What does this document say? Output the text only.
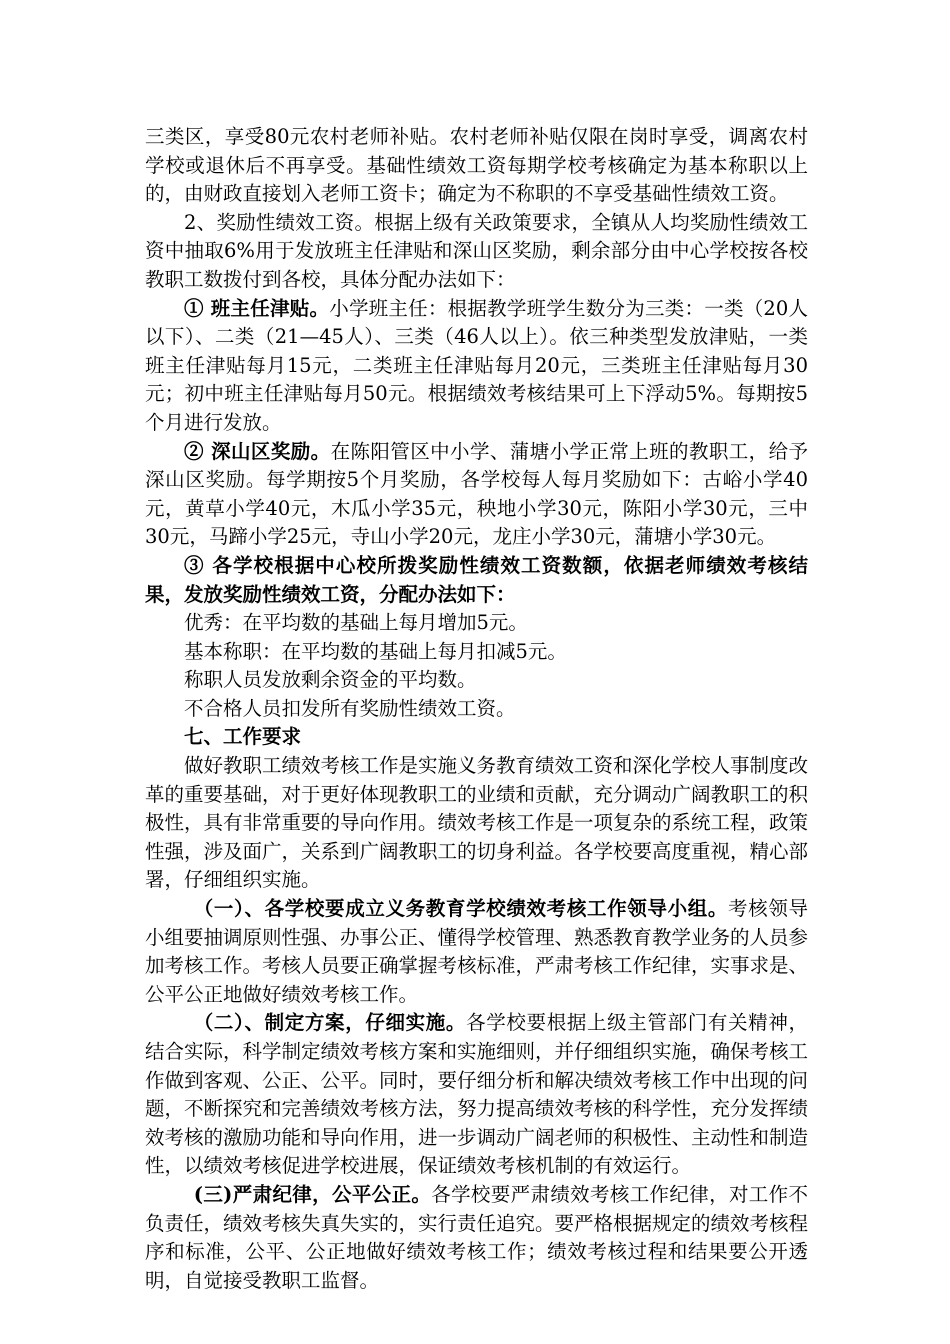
三类区，享受80元农村老师补贴。农村老师补贴仅限在岗时享受，调离农村学校或退休后不再享受。基础性绩效工资每期学校考核确定为基本称职以上的，由财政直接划入老师工资卡；确定为不称职的不享受基础性绩效工资。

2、奖励性绩效工资。根据上级有关政策要求，全镇从人均奖励性绩效工资中抽取6%用于发放班主任津贴和深山区奖励，剩余部分由中心学校按各校教职工数拨付到各校，具体分配办法如下：

① 班主任津贴。小学班主任：根据教学班学生数分为三类：一类（20人以下）、二类（21—45人）、三类（46人以上）。依三种类型发放津贴，一类班主任津贴每月15元，二类班主任津贴每月20元，三类班主任津贴每月30元；初中班主任津贴每月50元。根据绩效考核结果可上下浮动5%。每期按5个月进行发放。

② 深山区奖励。在陈阳管区中小学、蒲塘小学正常上班的教职工，给予深山区奖励。每学期按5个月奖励，各学校每人每月奖励如下：古峪小学40元，黄草小学40元，木瓜小学35元，秧地小学30元，陈阳小学30元，三中30元，马蹄小学25元，寺山小学20元，龙庄小学30元，蒲塘小学30元。

③ 各学校根据中心校所拨奖励性绩效工资数额，依据老师绩效考核结果，发放奖励性绩效工资，分配办法如下：

优秀：在平均数的基础上每月增加5元。

基本称职：在平均数的基础上每月扣减5元。

称职人员发放剩余资金的平均数。

不合格人员扣发所有奖励性绩效工资。

七、工作要求

做好教职工绩效考核工作是实施义务教育绩效工资和深化学校人事制度改革的重要基础，对于更好体现教职工的业绩和贡献，充分调动广阔教职工的积极性，具有非常重要的导向作用。绩效考核工作是一项复杂的系统工程，政策性强，涉及面广，关系到广阔教职工的切身利益。各学校要高度重视，精心部署，仔细组织实施。

（一）、各学校要成立义务教育学校绩效考核工作领导小组。考核领导小组要抽调原则性强、办事公正、懂得学校管理、熟悉教育教学业务的人员参加考核工作。考核人员要正确掌握考核标准，严肃考核工作纪律，实事求是、公平公正地做好绩效考核工作。

（二）、制定方案，仔细实施。各学校要根据上级主管部门有关精神，结合实际，科学制定绩效考核方案和实施细则，并仔细组织实施，确保考核工作做到客观、公正、公平。同时，要仔细分析和解决绩效考核工作中出现的问题，不断探究和完善绩效考核方法，努力提高绩效考核的科学性，充分发挥绩效考核的激励功能和导向作用，进一步调动广阔老师的积极性、主动性和制造性，以绩效考核促进学校进展，保证绩效考核机制的有效运行。

(三)严肃纪律，公平公正。各学校要严肃绩效考核工作纪律，对工作不负责任，绩效考核失真失实的，实行责任追究。要严格根据规定的绩效考核程序和标准，公平、公正地做好绩效考核工作；绩效考核过程和结果要公开透明，自觉接受教职工监督。
